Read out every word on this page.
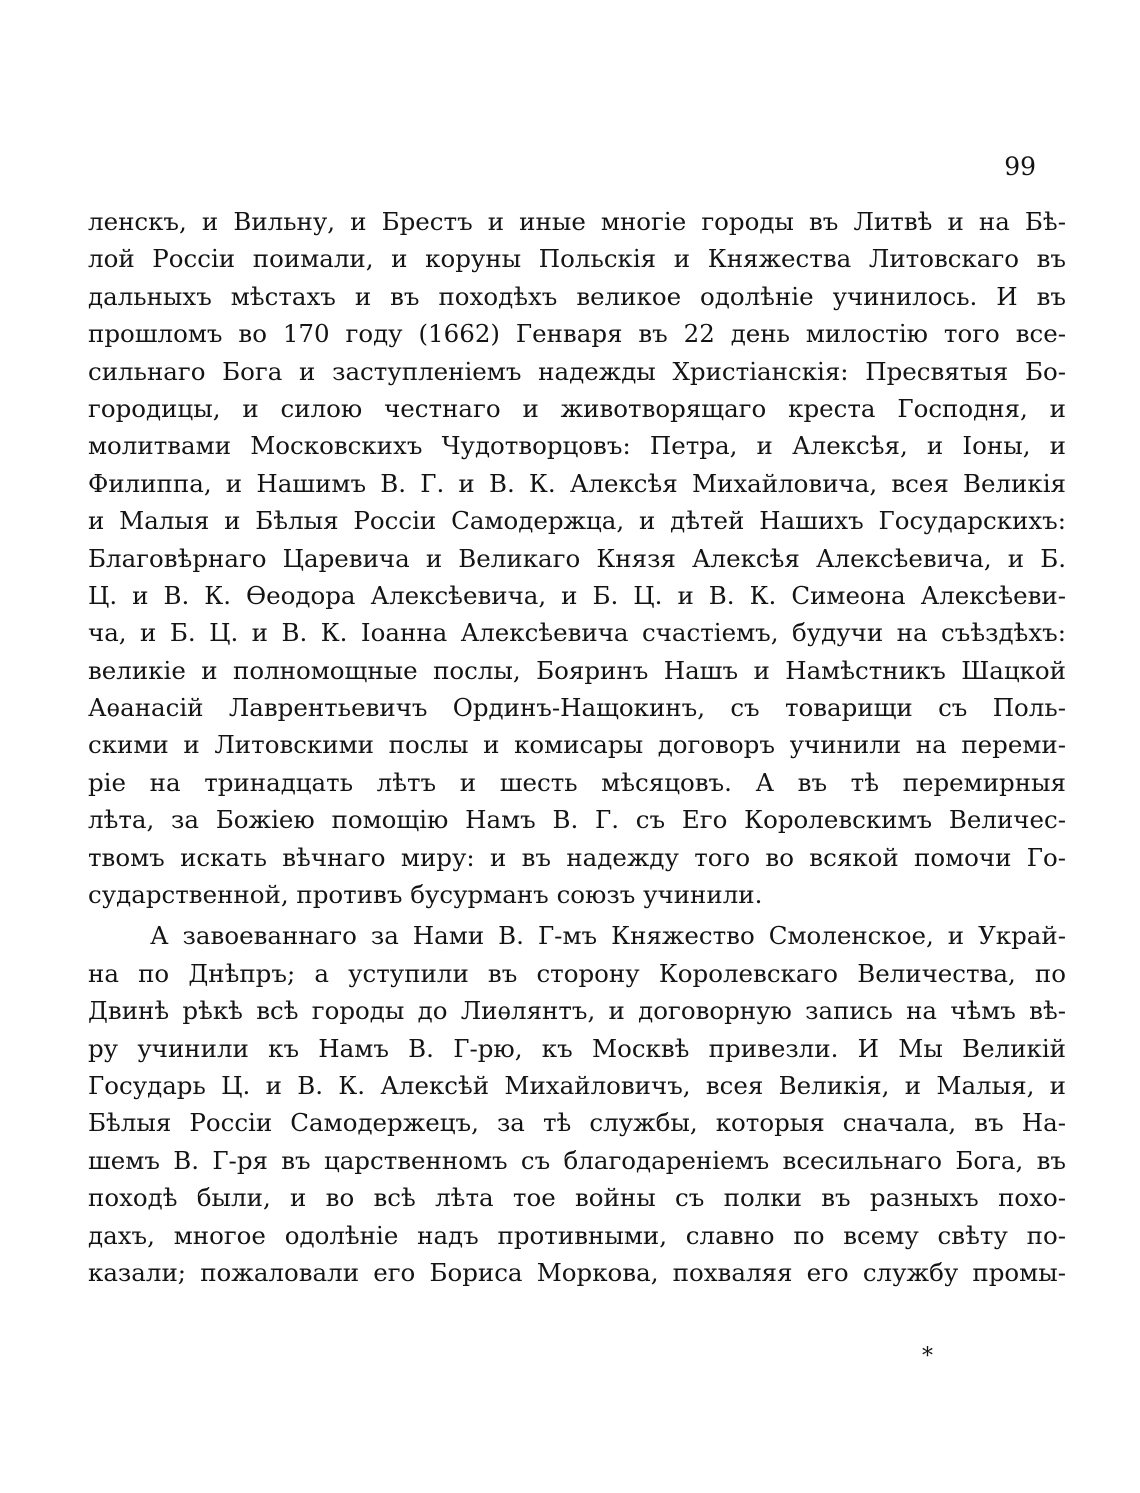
99
ленскъ, и Вильну, и Брестъ и иные многіе городы въ Литвѣ и на Бѣ-
лой Россіи поимали, и коруны Польскія и Княжества Литовскаго въ
дальныхъ мѣстахъ и въ походѣхъ великое одолѣніе учинилось. И въ
прошломъ во 170 году (1662) Генваря въ 22 день милостію того все-
сильнаго Бога и заступленіемъ надежды Христіанскія: Пресвятыя Бо-
городицы, и силою честнаго и животворящаго креста Господня, и
молитвами Московскихъ Чудотворцовъ: Петра, и Алексѣя, и Іоны, и
Филиппа, и Нашимъ В. Г. и В. К. Алексѣя Михайловича, всея Великія
и Малыя и Бѣлыя Россіи Самодержца, и дѣтей Нашихъ Государскихъ:
Благовѣрнаго Царевича и Великаго Князя Алексѣя Алексѣевича, и Б.
Ц. и В. К. Ѳеодора Алексѣевича, и Б. Ц. и В. К. Симеона Алексѣеви-
ча, и Б. Ц. и В. К. Іоанна Алексѣевича счастіемъ, будучи на съѣздѣхъ:
великіе и полномощные послы, Бояринъ Нашъ и Намѣстникъ Шацкой
Аѳанасій Лаврентьевичъ Ординъ-Нащокинъ, съ товарищи съ Поль-
скими и Литовскими послы и комисары договоръ учинили на переми-
ріе на тринадцать лѣтъ и шесть мѣсяцовъ. А въ тѣ перемирныя
лѣта, за Божіею помощію Намъ В. Г. съ Его Королевскимъ Величес-
твомъ искать вѣчнаго миру: и въ надежду того во всякой помочи Го-
сударственной, противъ бусурманъ союзъ учинили.
А завоеваннаго за Нами В. Г-мъ Княжество Смоленское, и Украй-
на по Днѣпръ; а уступили въ сторону Королевскаго Величества, по
Двинѣ рѣкѣ всѣ городы до Лиѳлянтъ, и договорную запись на чѣмъ вѣ-
ру учинили къ Намъ В. Г-рю, къ Москвѣ привезли. И Мы Великій
Государь Ц. и В. К. Алексѣй Михайловичъ, всея Великія, и Малыя, и
Бѣлыя Россіи Самодержецъ, за тѣ службы, которыя сначала, въ На-
шемъ В. Г-ря въ царственномъ съ благодареніемъ всесильнаго Бога, въ
походѣ были, и во всѣ лѣта тое войны съ полки въ разныхъ похо-
дахъ, многое одолѣніе надъ противными, славно по всему свѣту по-
казали; пожаловали его Бориса Моркова, похваляя его службу промы-
*
